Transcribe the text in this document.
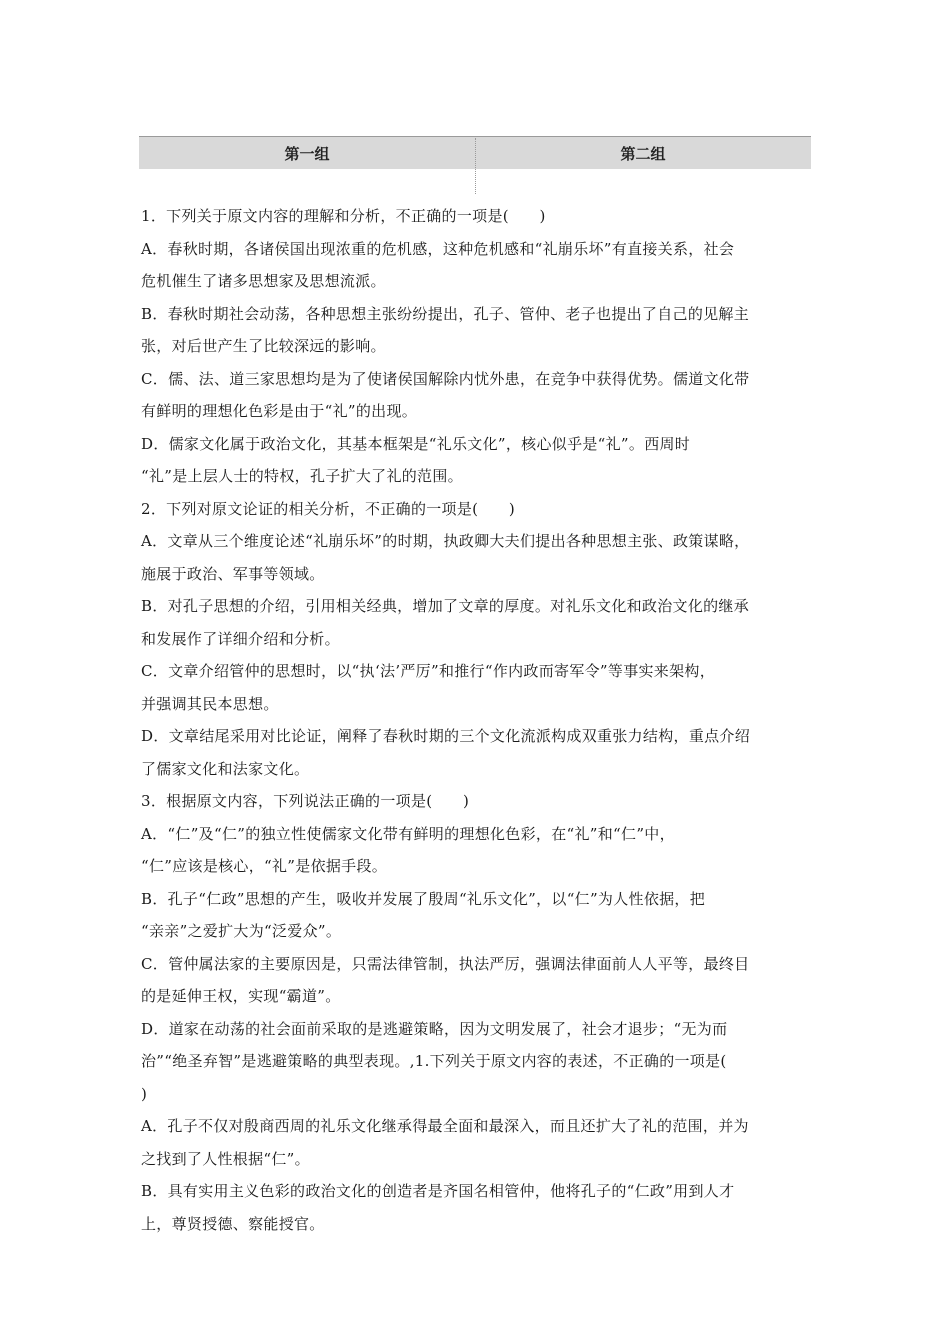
第一组	第二组
1．下列关于原文内容的理解和分析，不正确的一项是(　　)
A．春秋时期，各诸侯国出现浓重的危机感，这种危机感和“礼崩乐坏”有直接关系，社会
危机催生了诸多思想家及思想流派。
B．春秋时期社会动荡，各种思想主张纷纷提出，孔子、管仲、老子也提出了自己的见解主
张，对后世产生了比较深远的影响。
C．儒、法、道三家思想均是为了使诸侯国解除内忧外患，在竞争中获得优势。儒道文化带
有鲜明的理想化色彩是由于“礼”的出现。
D．儒家文化属于政治文化，其基本框架是“礼乐文化”，核心似乎是“礼”。西周时
“礼”是上层人士的特权，孔子扩大了礼的范围。
2．下列对原文论证的相关分析，不正确的一项是(　　)
A．文章从三个维度论述“礼崩乐坏”的时期，执政卿大夫们提出各种思想主张、政策谋略，
施展于政治、军事等领域。
B．对孔子思想的介绍，引用相关经典，增加了文章的厚度。对礼乐文化和政治文化的继承
和发展作了详细介绍和分析。
C．文章介绍管仲的思想时，以“执‘法’严厉”和推行“作内政而寄军令”等事实来架构，
并强调其民本思想。
D．文章结尾采用对比论证，阐释了春秋时期的三个文化流派构成双重张力结构，重点介绍
了儒家文化和法家文化。
3．根据原文内容，下列说法正确的一项是(　　)
A．“仁”及“仁”的独立性使儒家文化带有鲜明的理想化色彩，在“礼”和“仁”中，
“仁”应该是核心，“礼”是依据手段。
B．孔子“仁政”思想的产生，吸收并发展了殷周“礼乐文化”，以“仁”为人性依据，把
“亲亲”之爱扩大为“泛爱众”。
C．管仲属法家的主要原因是，只需法律管制，执法严厉，强调法律面前人人平等，最终目
的是延伸王权，实现“霸道”。
D．道家在动荡的社会面前采取的是逃避策略，因为文明发展了，社会才退步；“无为而
治”“绝圣弃智”是逃避策略的典型表现。,1.下列关于原文内容的表述，不正确的一项是(
)
A．孔子不仅对殷商西周的礼乐文化继承得最全面和最深入，而且还扩大了礼的范围，并为
之找到了人性根据“仁”。
B．具有实用主义色彩的政治文化的创造者是齐国名相管仲，他将孔子的“仁政”用到人才
上，尊贤授德、察能授官。
